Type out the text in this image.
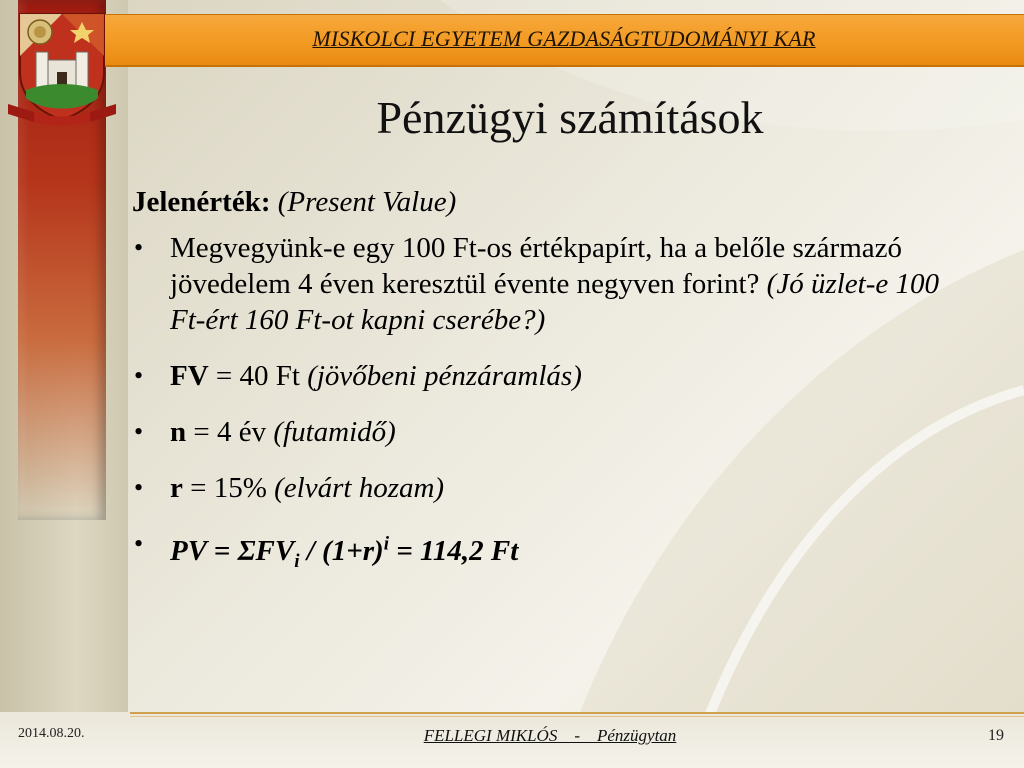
MISKOLCI EGYETEM GAZDASÁGTUDOMÁNYI KAR
Pénzügyi számítások

Jelenérték: (Present Value)

• Megvegyünk-e egy 100 Ft-os értékpapírt, ha a belőle származó jövedelem 4 éven keresztül évente negyven forint? (Jó üzlet-e 100 Ft-ért 160 Ft-ot kapni cserébe?)
• FV = 40 Ft (jövőbeni pénzáramlás)
• n = 4 év (futamidő)
• r = 15% (elvárt hozam)
• PV = $\Sigma FV_i / (1+r)^i = 114,2$ Ft
2014.08.20.	FELLEGI MIKLÓS    -    Pénzügytan	19
